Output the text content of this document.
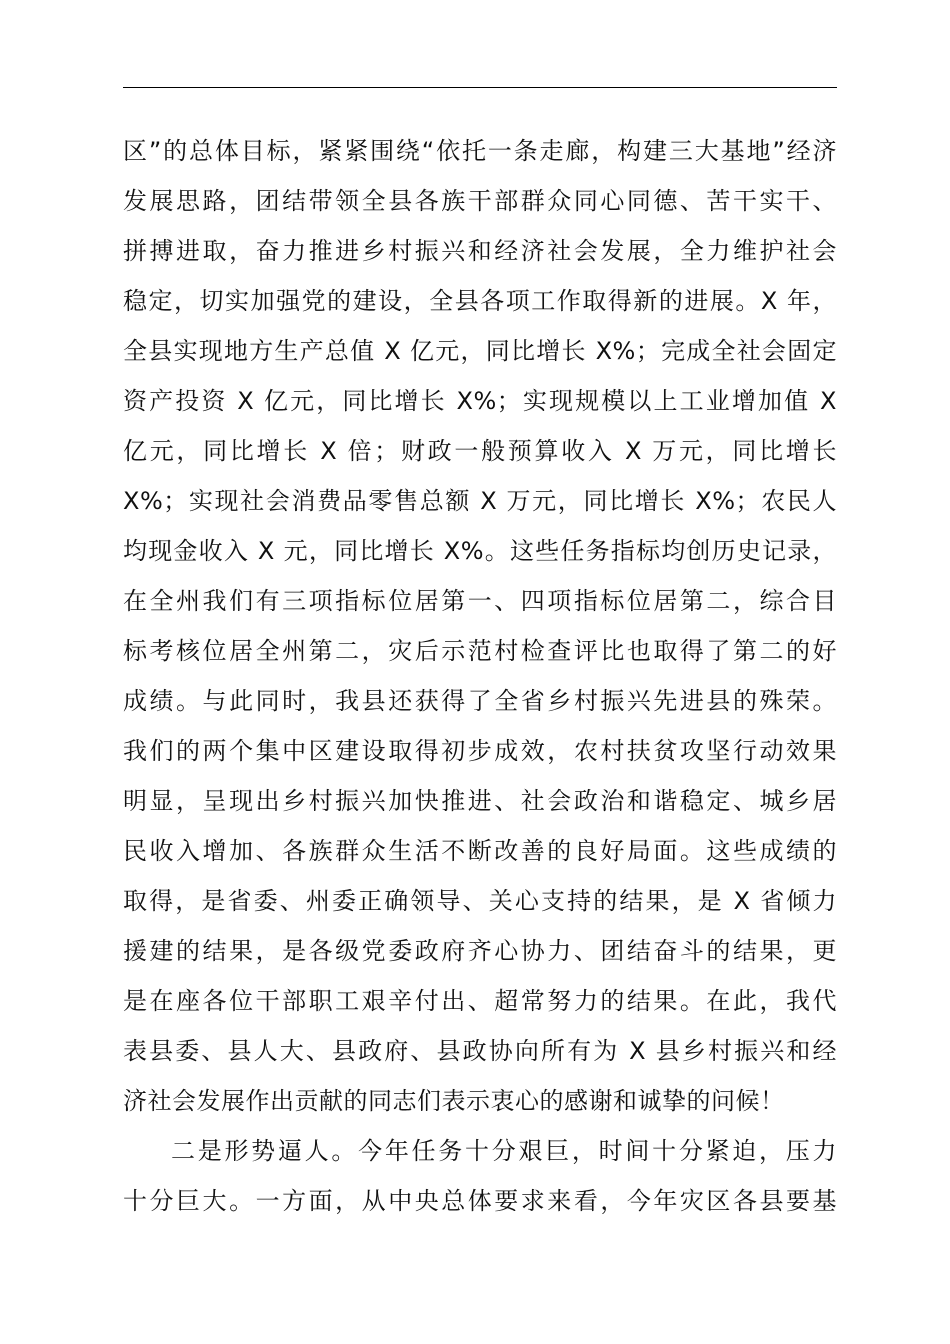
区”的总体目标，紧紧围绕“依托一条走廊，构建三大基地”经济
发展思路，团结带领全县各族干部群众同心同德、苦干实干、
拼搏进取，奋力推进乡村振兴和经济社会发展，全力维护社会
稳定，切实加强党的建设，全县各项工作取得新的进展。X 年，
全县实现地方生产总值 X 亿元，同比增长 X%；完成全社会固定
资产投资 X 亿元，同比增长 X%；实现规模以上工业增加值 X
亿元，同比增长 X 倍；财政一般预算收入 X 万元，同比增长
X%；实现社会消费品零售总额 X 万元，同比增长 X%；农民人
均现金收入 X 元，同比增长 X%。这些任务指标均创历史记录，
在全州我们有三项指标位居第一、四项指标位居第二，综合目
标考核位居全州第二，灾后示范村检查评比也取得了第二的好
成绩。与此同时，我县还获得了全省乡村振兴先进县的殊荣。
我们的两个集中区建设取得初步成效，农村扶贫攻坚行动效果
明显，呈现出乡村振兴加快推进、社会政治和谐稳定、城乡居
民收入增加、各族群众生活不断改善的良好局面。这些成绩的
取得，是省委、州委正确领导、关心支持的结果，是 X 省倾力
援建的结果，是各级党委政府齐心协力、团结奋斗的结果，更
是在座各位干部职工艰辛付出、超常努力的结果。在此，我代
表县委、县人大、县政府、县政协向所有为 X 县乡村振兴和经
济社会发展作出贡献的同志们表示衷心的感谢和诚挚的问候！
二是形势逼人。今年任务十分艰巨，时间十分紧迫，压力
十分巨大。一方面，从中央总体要求来看，今年灾区各县要基
